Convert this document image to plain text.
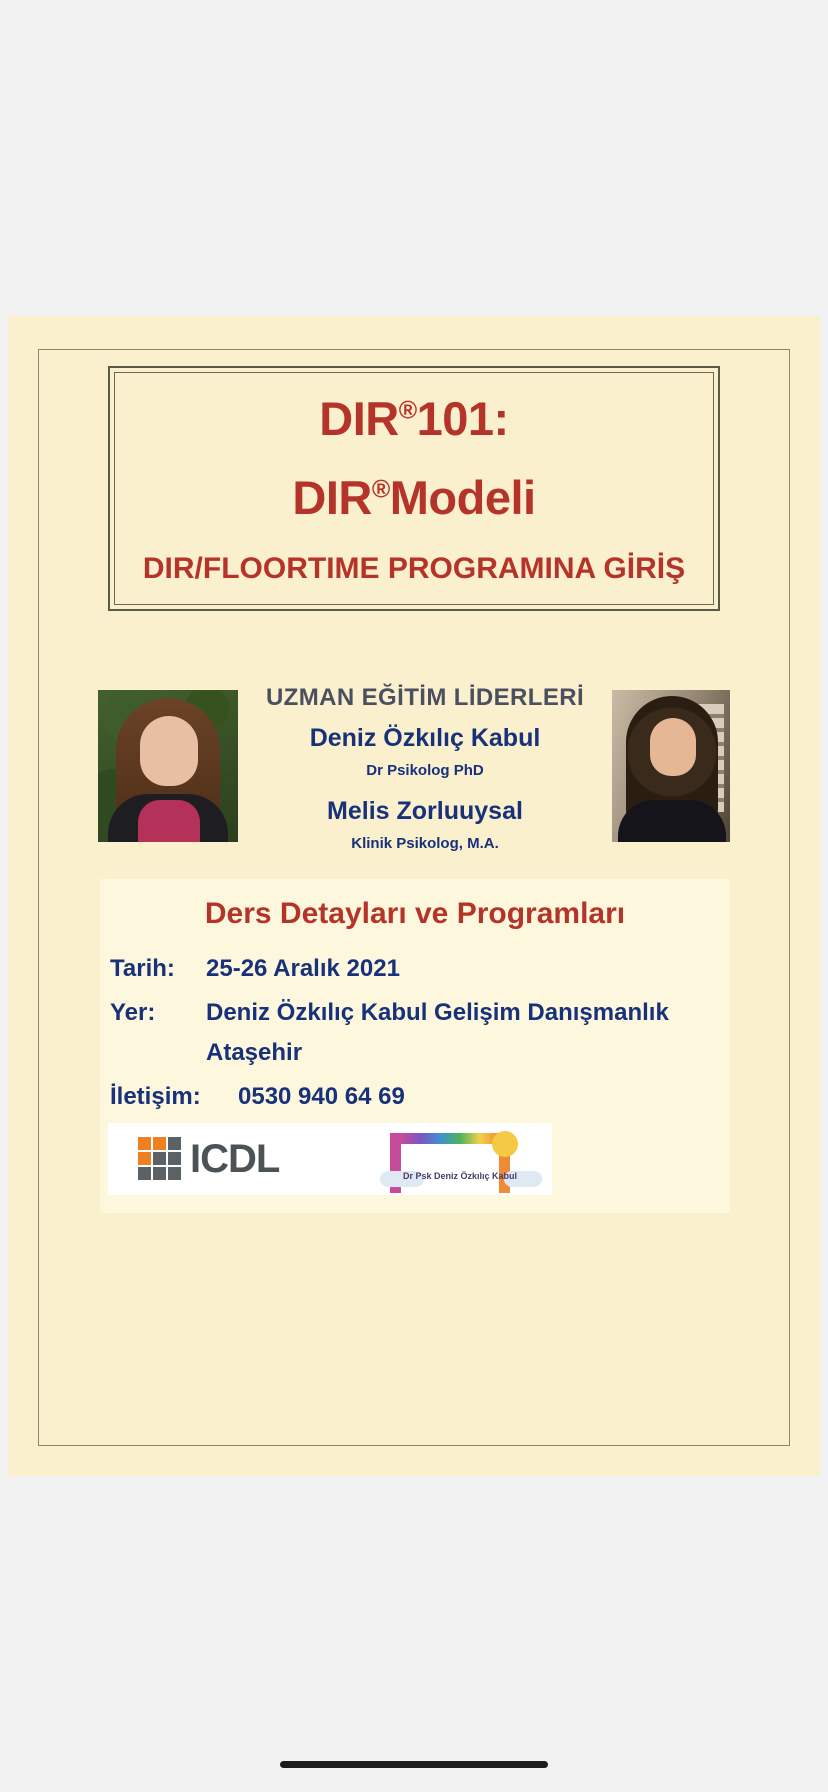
DIR®101:
DIR®Modeli
DIR/FLOORTIME PROGRAMINA GİRİŞ
UZMAN EĞİTİM LİDERLERİ
Deniz Özkılıç Kabul
Dr Psikolog PhD
Melis Zorluuysal
Klinik Psikolog, M.A.
Ders Detayları ve Programları
Tarih:	25-26 Aralık 2021
Yer:	Deniz Özkılıç Kabul Gelişim Danışmanlık
Ataşehir
İletişim:	0530 940 64 69
ICDL	Dr Psk Deniz Özkılıç Kabul
